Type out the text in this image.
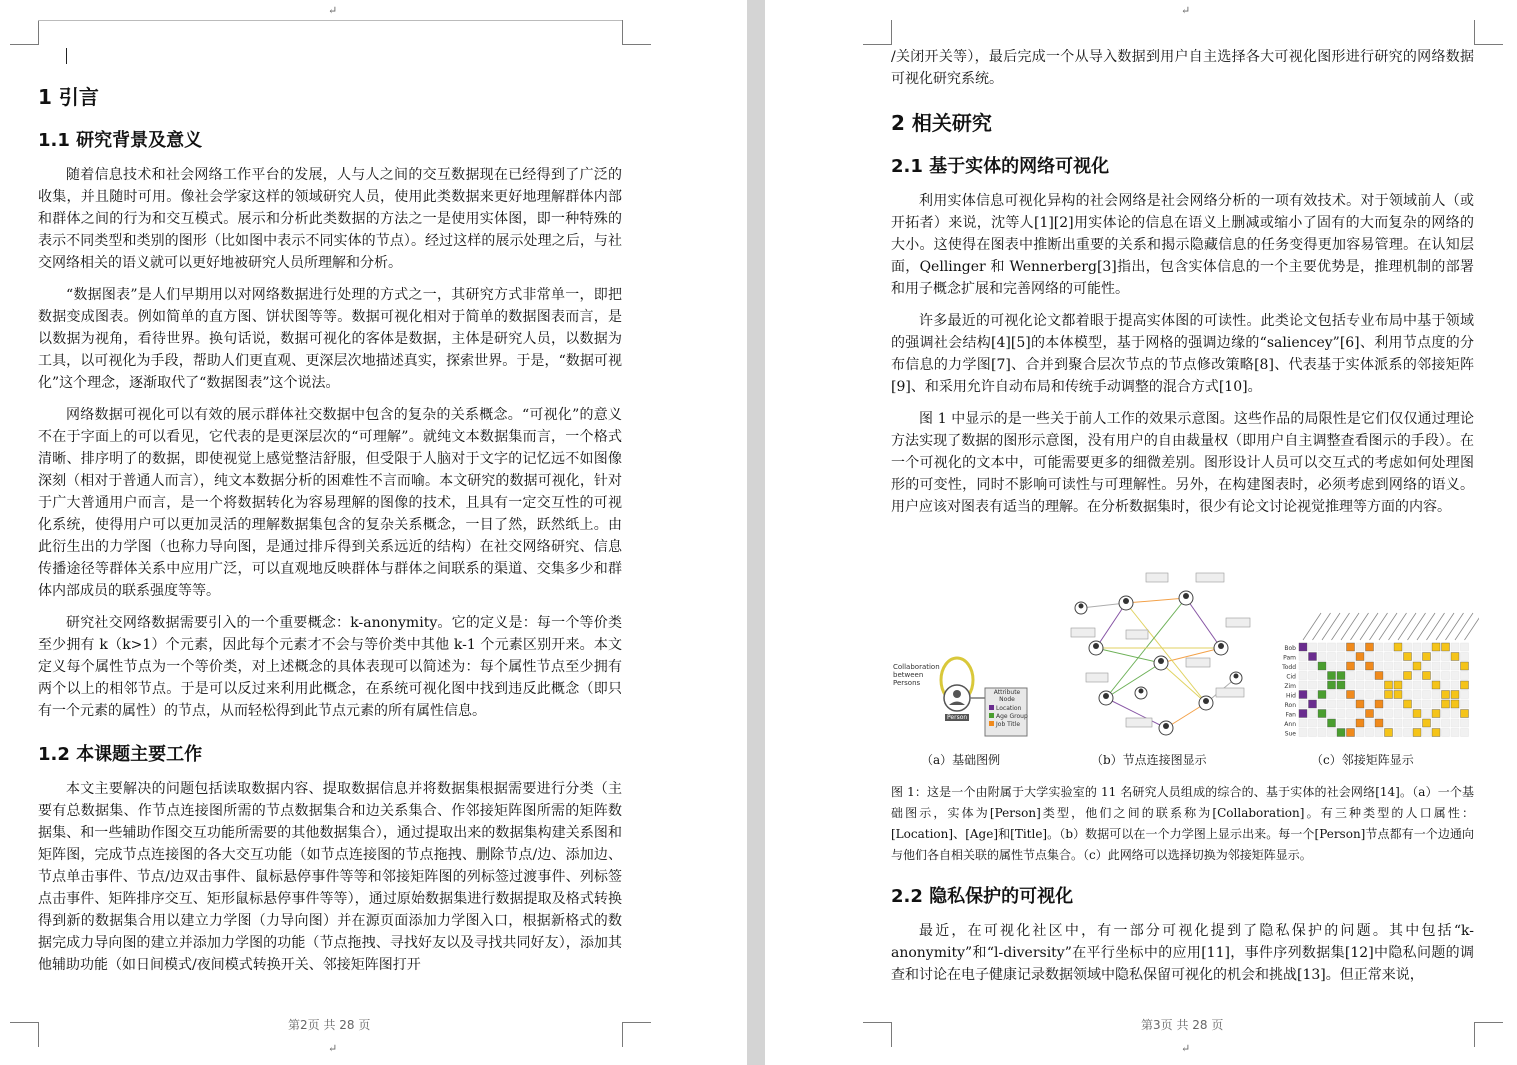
↵
1 引言
1.1 研究背景及意义

随着信息技术和社会网络工作平台的发展，人与人之间的交互数据现在已经得到了广泛的收集，并且随时可用。像社会学家这样的领域研究人员，使用此类数据来更好地理解群体内部和群体之间的行为和交互模式。展示和分析此类数据的方法之一是使用实体图，即一种特殊的表示不同类型和类别的图形（比如图中表示不同实体的节点）。经过这样的展示处理之后，与社交网络相关的语义就可以更好地被研究人员所理解和分析。

“数据图表”是人们早期用以对网络数据进行处理的方式之一，其研究方式非常单一，即把数据变成图表。例如简单的直方图、饼状图等等。数据可视化相对于简单的数据图表而言，是以数据为视角，看待世界。换句话说，数据可视化的客体是数据，主体是研究人员，以数据为工具，以可视化为手段，帮助人们更直观、更深层次地描述真实，探索世界。于是，“数据可视化”这个理念，逐渐取代了“数据图表”这个说法。

网络数据可视化可以有效的展示群体社交数据中包含的复杂的关系概念。“可视化”的意义不在于字面上的可以看见，它代表的是更深层次的“可理解”。就纯文本数据集而言，一个格式清晰、排序明了的数据，即使视觉上感觉整洁舒服，但受限于人脑对于文字的记忆远不如图像深刻（相对于普通人而言），纯文本数据分析的困难性不言而喻。本文研究的数据可视化，针对于广大普通用户而言，是一个将数据转化为容易理解的图像的技术，且具有一定交互性的可视化系统，使得用户可以更加灵活的理解数据集包含的复杂关系概念，一目了然，跃然纸上。由此衍生出的力学图（也称力导向图，是通过排斥得到关系远近的结构）在社交网络研究、信息传播途径等群体关系中应用广泛，可以直观地反映群体与群体之间联系的渠道、交集多少和群体内部成员的联系强度等等。

研究社交网络数据需要引入的一个重要概念：k-anonymity。它的定义是：每一个等价类至少拥有 k（k>1）个元素，因此每个元素才不会与等价类中其他 k-1 个元素区别开来。本文定义每个属性节点为一个等价类，对上述概念的具体表现可以简述为：每个属性节点至少拥有两个以上的相邻节点。于是可以反过来利用此概念，在系统可视化图中找到违反此概念（即只有一个元素的属性）的节点，从而轻松得到此节点元素的所有属性信息。

1.2 本课题主要工作

本文主要解决的问题包括读取数据内容、提取数据信息并将数据集根据需要进行分类（主要有总数据集、作节点连接图所需的节点数据集合和边关系集合、作邻接矩阵图所需的矩阵数据集、和一些辅助作图交互功能所需要的其他数据集合），通过提取出来的数据集构建关系图和矩阵图，完成节点连接图的各大交互功能（如节点连接图的节点拖拽、删除节点/边、添加边、节点单击事件、节点/边双击事件、鼠标悬停事件等等和邻接矩阵图的列标签过渡事件、列标签点击事件、矩阵排序交互、矩形鼠标悬停事件等等），通过原始数据集进行数据提取及格式转换得到新的数据集合用以建立力学图（力导向图）并在源页面添加力学图入口，根据新格式的数据完成力导向图的建立并添加力学图的功能（节点拖拽、寻找好友以及寻找共同好友），添加其他辅助功能（如日间模式/夜间模式转换开关、邻接矩阵图打开

第2页 共 28 页
↵
↵

/关闭开关等），最后完成一个从导入数据到用户自主选择各大可视化图形进行研究的网络数据可视化研究系统。

2 相关研究
2.1 基于实体的网络可视化

利用实体信息可视化异构的社会网络是社会网络分析的一项有效技术。对于领域前人（或开拓者）来说，沈等人[1][2]用实体论的信息在语义上删减或缩小了固有的大而复杂的网络的大小。这使得在图表中推断出重要的关系和揭示隐藏信息的任务变得更加容易管理。在认知层面，Qellinger 和 Wennerberg[3]指出，包含实体信息的一个主要优势是，推理机制的部署和用子概念扩展和完善网络的可能性。

许多最近的可视化论文都着眼于提高实体图的可读性。此类论文包括专业布局中基于领域的强调社会结构[4][5]的本体模型，基于网格的强调边缘的“saliencey”[6]、利用节点度的分布信息的力学图[7]、合并到聚合层次节点的节点修改策略[8]、代表基于实体派系的邻接矩阵[9]、和采用允许自动布局和传统手动调整的混合方式[10]。

图 1 中显示的是一些关于前人工作的效果示意图。这些作品的局限性是它们仅仅通过理论方法实现了数据的图形示意图，没有用户的自由裁量权（即用户自主调整查看图示的手段）。在一个可视化的文本中，可能需要更多的细微差别。图形设计人员可以交互式的考虑如何处理图形的可变性，同时不影响可读性与可理解性。另外，在构建图表时，必须考虑到网络的语义。用户应该对图表有适当的理解。在分析数据集时，很少有论文讨论视觉推理等方面的内容。

Collaboration between Persons
Person
Attribute Node
Location
Age Group
Job Title
Bob
Pam
Todd
Cid
Zim
Hid
Ron
Fan
Ann
Sue
（a）基础图例	（b）节点连接图显示	（c）邻接矩阵显示
图 1：这是一个由附属于大学实验室的 11 名研究人员组成的综合的、基于实体的社会网络[14]。（a）一个基础图示，实体为[Person]类型，他们之间的联系称为[Collaboration]。有三种类型的人口属性：[Location]、[Age]和[Title]。（b）数据可以在一个力学图上显示出来。每一个[Person]节点都有一个边通向与他们各自相关联的属性节点集合。（c）此网络可以选择切换为邻接矩阵显示。
2.2 隐私保护的可视化

最近，在可视化社区中，有一部分可视化提到了隐私保护的问题。其中包括“k-anonymity”和“l-diversity”在平行坐标中的应用[11]，事件序列数据集[12]中隐私问题的调查和讨论在电子健康记录数据领域中隐私保留可视化的机会和挑战[13]。但正常来说，

第3页 共 28 页
↵
